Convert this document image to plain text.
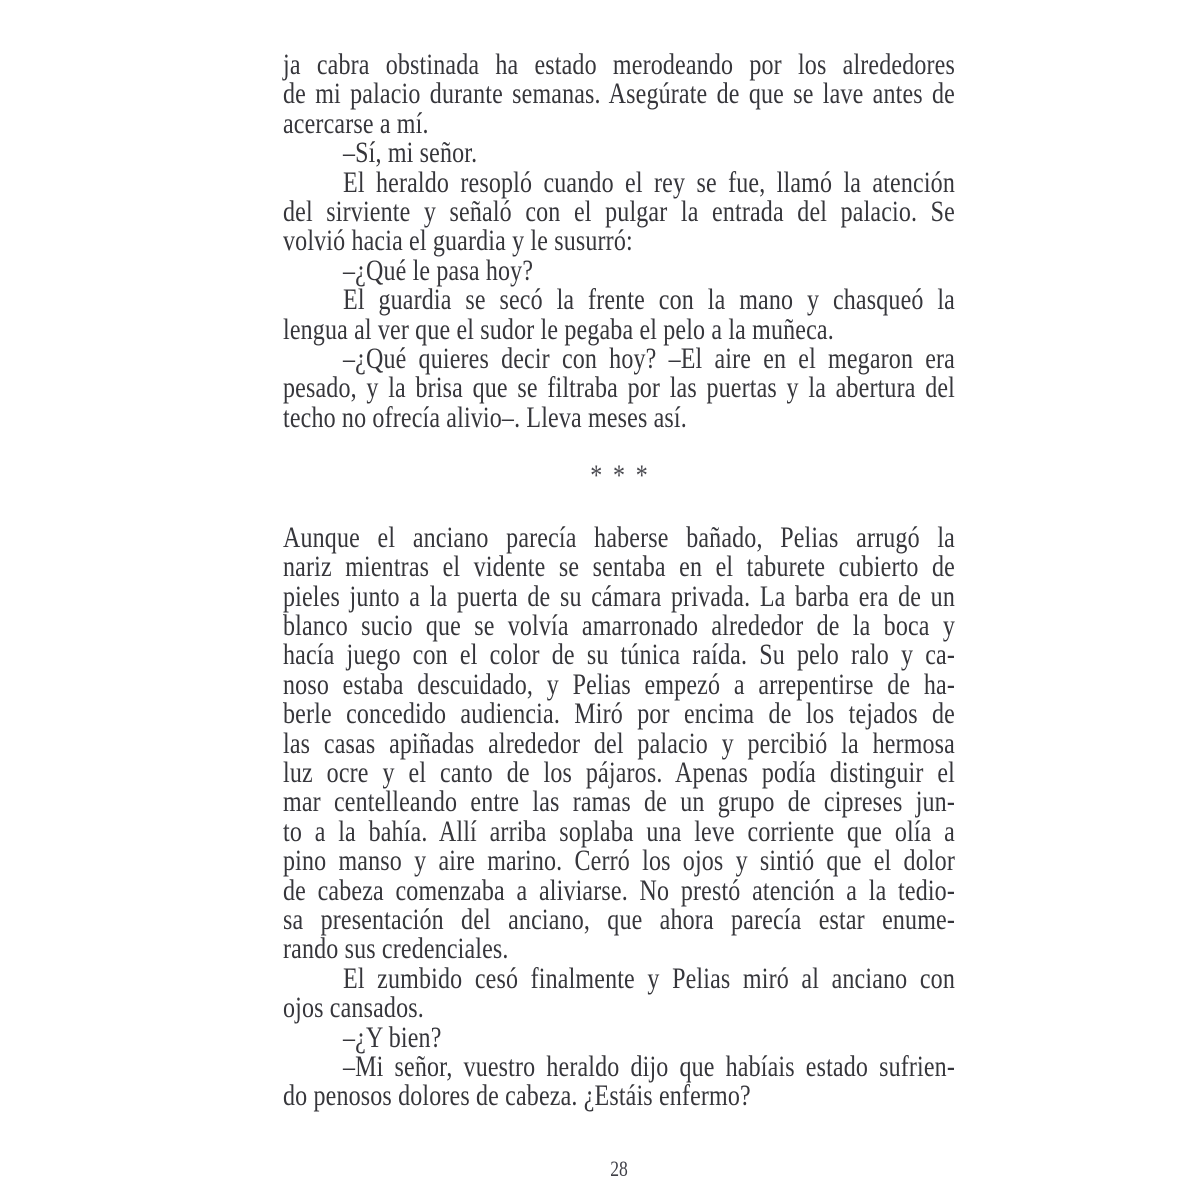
ja cabra obstinada ha estado merodeando por los alrededores
de mi palacio durante semanas. Asegúrate de que se lave antes de
acercarse a mí.
–Sí, mi señor.
El heraldo resopló cuando el rey se fue, llamó la atención
del sirviente y señaló con el pulgar la entrada del palacio. Se
volvió hacia el guardia y le susurró:
–¿Qué le pasa hoy?
El guardia se secó la frente con la mano y chasqueó la
lengua al ver que el sudor le pegaba el pelo a la muñeca.
–¿Qué quieres decir con hoy? –El aire en el megaron era
pesado, y la brisa que se filtraba por las puertas y la abertura del
techo no ofrecía alivio–. Lleva meses así.
* * *
Aunque el anciano parecía haberse bañado, Pelias arrugó la
nariz mientras el vidente se sentaba en el taburete cubierto de
pieles junto a la puerta de su cámara privada. La barba era de un
blanco sucio que se volvía amarronado alrededor de la boca y
hacía juego con el color de su túnica raída. Su pelo ralo y ca-
noso estaba descuidado, y Pelias empezó a arrepentirse de ha-
berle concedido audiencia. Miró por encima de los tejados de
las casas apiñadas alrededor del palacio y percibió la hermosa
luz ocre y el canto de los pájaros. Apenas podía distinguir el
mar centelleando entre las ramas de un grupo de cipreses jun-
to a la bahía. Allí arriba soplaba una leve corriente que olía a
pino manso y aire marino. Cerró los ojos y sintió que el dolor
de cabeza comenzaba a aliviarse. No prestó atención a la tedio-
sa presentación del anciano, que ahora parecía estar enume-
rando sus credenciales.
El zumbido cesó finalmente y Pelias miró al anciano con
ojos cansados.
–¿Y bien?
–Mi señor, vuestro heraldo dijo que habíais estado sufrien-
do penosos dolores de cabeza. ¿Estáis enfermo?
28
